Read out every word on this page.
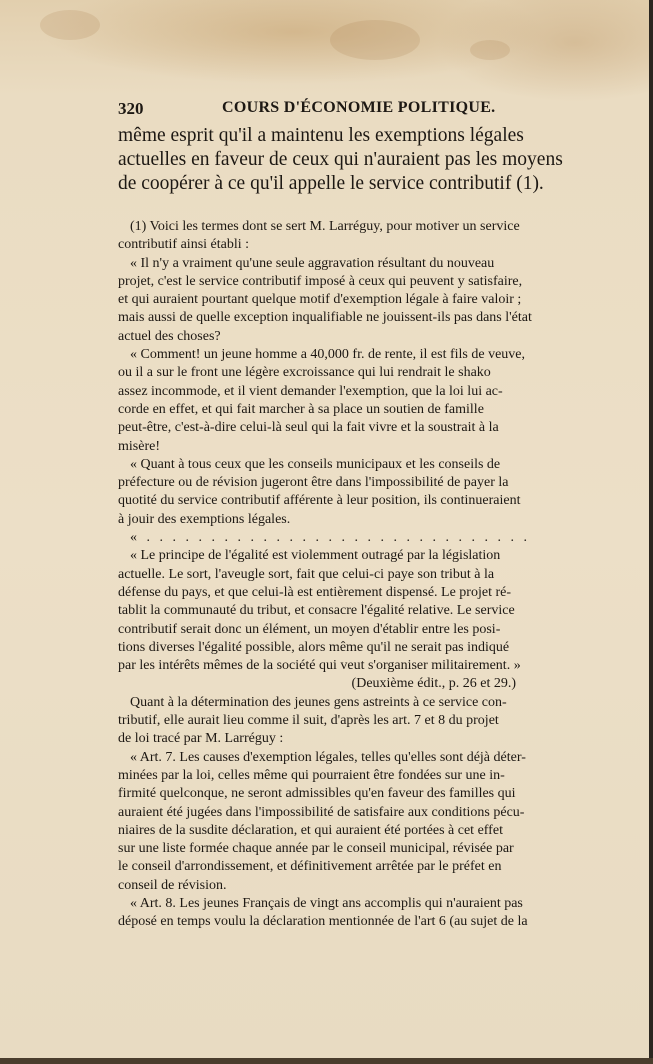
320	COURS D'ÉCONOMIE POLITIQUE.
même esprit qu'il a maintenu les exemptions légales
actuelles en faveur de ceux qui n'auraient pas les moyens
de coopérer à ce qu'il appelle le service contributif (1).
(1) Voici les termes dont se sert M. Larréguy, pour motiver un service
contributif ainsi établi :
« Il n'y a vraiment qu'une seule aggravation résultant du nouveau
projet, c'est le service contributif imposé à ceux qui peuvent y satisfaire,
et qui auraient pourtant quelque motif d'exemption légale à faire valoir ;
mais aussi de quelle exception inqualifiable ne jouissent-ils pas dans l'état
actuel des choses?
« Comment! un jeune homme a 40,000 fr. de rente, il est fils de veuve,
ou il a sur le front une légère excroissance qui lui rendrait le shako
assez incommode, et il vient demander l'exemption, que la loi lui ac-
corde en effet, et qui fait marcher à sa place un soutien de famille
peut-être, c'est-à-dire celui-là seul qui la fait vivre et la soustrait à la
misère!
« Quant à tous ceux que les conseils municipaux et les conseils de
préfecture ou de révision jugeront être dans l'impossibilité de payer la
quotité du service contributif afférente à leur position, ils continueraient
à jouir des exemptions légales.
« . . . . . . . . . . . . . . . . . . . . . . . . . . . . . .
« Le principe de l'égalité est violemment outragé par la législation
actuelle. Le sort, l'aveugle sort, fait que celui-ci paye son tribut à la
défense du pays, et que celui-là est entièrement dispensé. Le projet ré-
tablit la communauté du tribut, et consacre l'égalité relative. Le service
contributif serait donc un élément, un moyen d'établir entre les posi-
tions diverses l'égalité possible, alors même qu'il ne serait pas indiqué
par les intérêts mêmes de la société qui veut s'organiser militairement. »
(Deuxième édit., p. 26 et 29.)
Quant à la détermination des jeunes gens astreints à ce service con-
tributif, elle aurait lieu comme il suit, d'après les art. 7 et 8 du projet
de loi tracé par M. Larréguy :
« Art. 7. Les causes d'exemption légales, telles qu'elles sont déjà déter-
minées par la loi, celles même qui pourraient être fondées sur une in-
firmité quelconque, ne seront admissibles qu'en faveur des familles qui
auraient été jugées dans l'impossibilité de satisfaire aux conditions pécu-
niaires de la susdite déclaration, et qui auraient été portées à cet effet
sur une liste formée chaque année par le conseil municipal, révisée par
le conseil d'arrondissement, et définitivement arrêtée par le préfet en
conseil de révision.
« Art. 8. Les jeunes Français de vingt ans accomplis qui n'auraient pas
déposé en temps voulu la déclaration mentionnée de l'art 6 (au sujet de la
